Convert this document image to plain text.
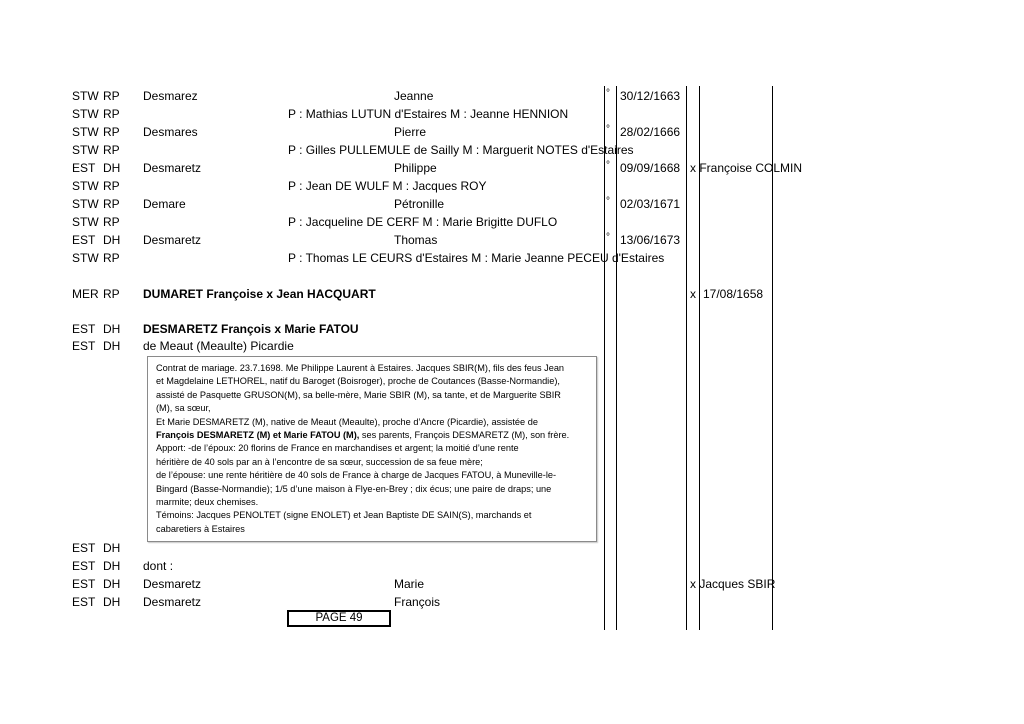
STW RP Desmarez	Jeanne	° 30/12/1663
STW RP	P : Mathias LUTUN d'Estaires M : Jeanne HENNION
STW RP Desmares	Pierre	° 28/02/1666
STW RP	P : Gilles PULLEMULE de Sailly M : Marguerit NOTES d'Estaires
EST DH Desmaretz	Philippe	° 09/09/1668 x Françoise COLMIN
STW RP	P : Jean DE WULF M : Jacques ROY
STW RP Demare	Pétronille	° 02/03/1671
STW RP	P : Jacqueline DE CERF M : Marie Brigitte DUFLO
EST DH Desmaretz	Thomas	° 13/06/1673
STW RP	P : Thomas LE CEURS d'Estaires M : Marie Jeanne PECEU d'Estaires
MER RP DUMARET Françoise x Jean HACQUART	x 17/08/1658
EST DH DESMARETZ François x Marie FATOU
EST DH de Meaut (Meaulte) Picardie
Contrat de mariage. 23.7.1698. Me Philippe Laurent à Estaires. Jacques SBIR(M), fils des feus Jean
et Magdelaine LETHOREL, natif du Baroget (Boisroger), proche de Coutances (Basse-Normandie),
assisté de Pasquette GRUSON(M), sa belle-mère, Marie SBIR (M), sa tante, et de Marguerite SBIR
(M), sa sœur,
Et Marie DESMARETZ (M), native de Meaut (Meaulte), proche d’Ancre (Picardie), assistée de
François DESMARETZ (M) et Marie FATOU (M), ses parents, François DESMARETZ (M), son frère.
Apport: -de l’époux: 20 florins de France en marchandises et argent; la moitié d’une rente
héritière de 40 sols par an à l’encontre de sa sœur, succession de sa feue mère;
de l’épouse: une rente héritière de 40 sols de France à charge de Jacques FATOU, à Muneville-le-
Bingard (Basse-Normandie); 1/5 d’une maison à Flye-en-Brey ; dix écus; une paire de draps; une
marmite; deux chemises.
Témoins: Jacques PENOLTET (signe ENOLET) et Jean Baptiste DE SAIN(S), marchands et
cabaretiers à Estaires
EST DH
EST DH dont :
EST DH Desmaretz	Marie	x Jacques SBIR
EST DH Desmaretz	François
PAGE 49
